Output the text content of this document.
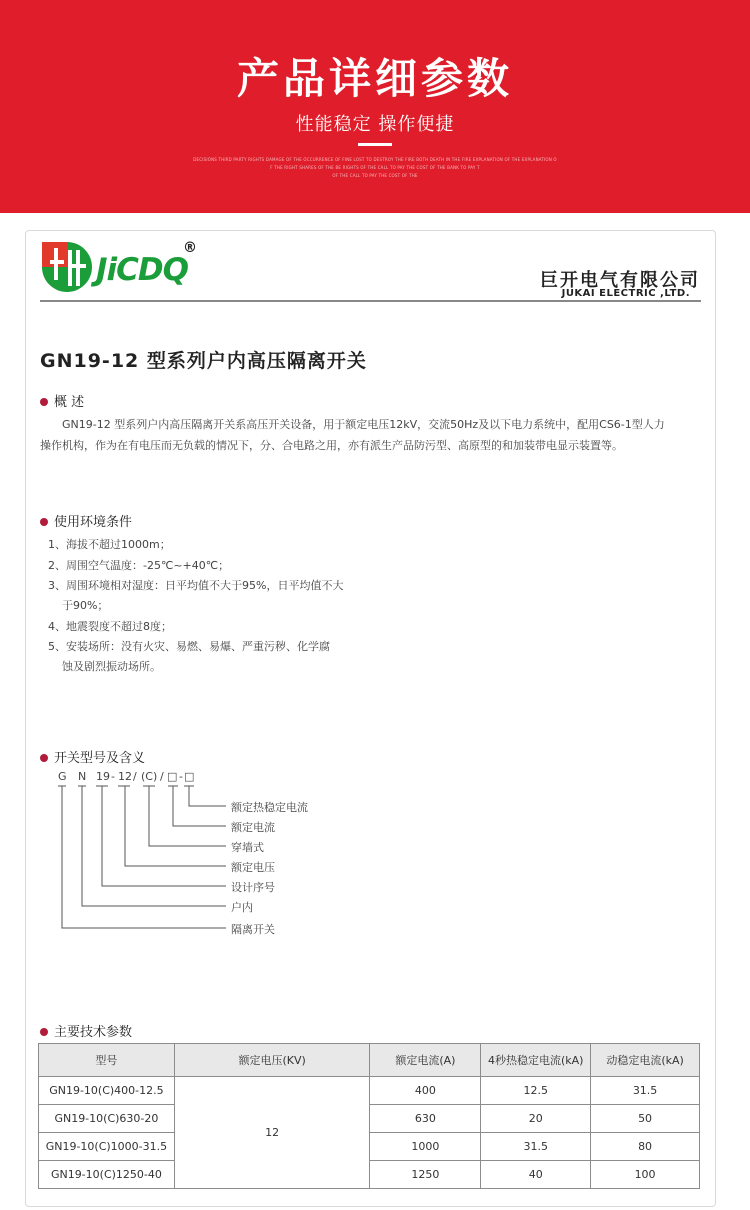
产品详细参数
性能稳定 操作便捷
DECISIONS THIRD PARTY RIGHTS DAMAGE OF THE OCCURRENCE OF FINE LOST TO DESTROY THE FIRE BOTH DEATH IN THE FIRE EXPLANATION OF THE EXPLANATION O
F THE RIGHT SHARES OF THE BE RIGHTS OF THE CALL TO PAY THE COST OF THE BANK TO PAY T
OF THE CALL TO PAY THE COST OF THE
JiCDQ
®
巨开电气有限公司
JUKAI ELECTRIC ,LTD.
GN19-12 型系列户内高压隔离开关
概 述
GN19-12 型系列户内高压隔离开关系高压开关设备，用于额定电压12kV，交流50Hz及以下电力系统中，配用CS6-1型人力
操作机构，作为在有电压而无负载的情况下，分、合电路之用，亦有派生产品防污型、高原型的和加装带电显示装置等。
使用环境条件
1、海拔不超过1000m；
2、周围空气温度：-25℃~+40℃；
3、周围环境相对湿度：日平均值不大于95%，日平均值不大
于90%；
4、地震裂度不超过8度；
5、安装场所：没有火灾、易燃、易爆、严重污秽、化学腐
蚀及剧烈振动场所。
开关型号及含义
G N 19 - 12 / (C) / □ - □
额定热稳定电流
额定电流
穿墙式
额定电压
设计序号
户内
隔离开关
主要技术参数
型号	额定电压(KV)	额定电流(A)	4秒热稳定电流(kA)	动稳定电流(kA)
GN19-10(C)400-12.5	12	400	12.5	31.5
GN19-10(C)630-20		630	20	50
GN19-10(C)1000-31.5		1000	31.5	80
GN19-10(C)1250-40		1250	40	100
